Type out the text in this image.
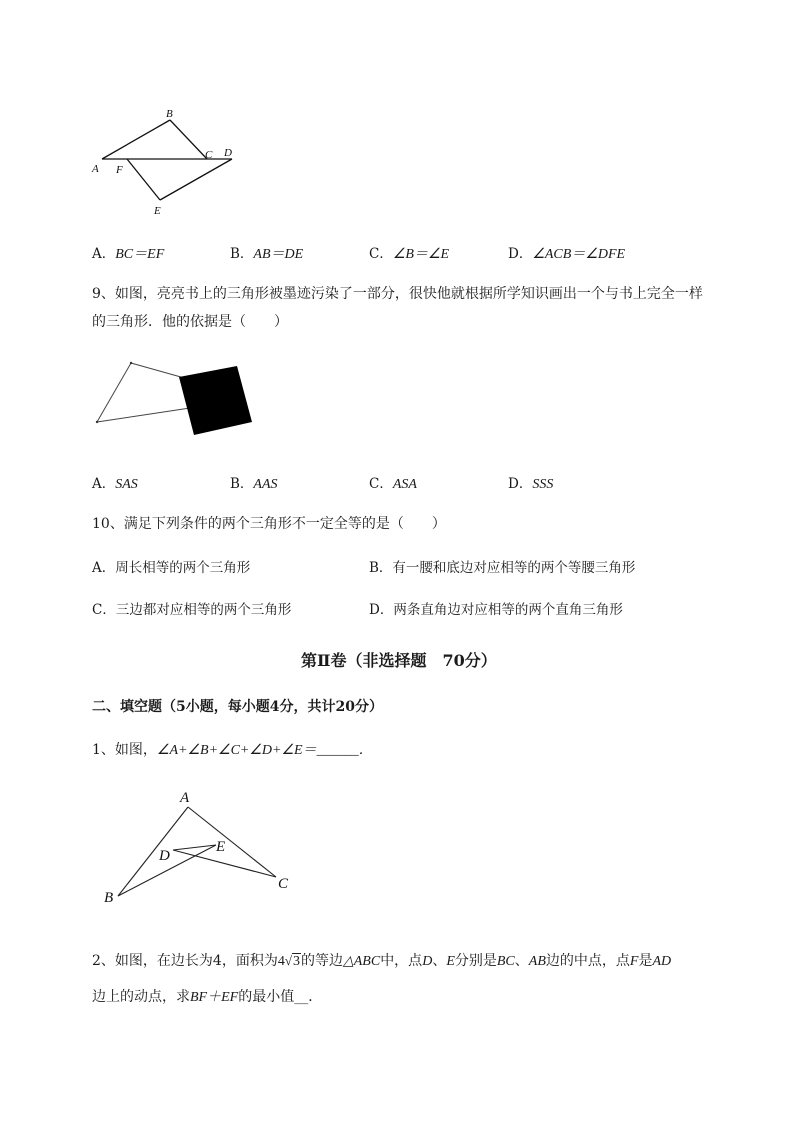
A
B
C D
E
F
A．BC＝EF	B．AB＝DE	C．∠B＝∠E	D．∠ACB＝∠DFE
9、如图，亮亮书上的三角形被墨迹污染了一部分，很快他就根据所学知识画出一个与书上完全一样
的三角形．他的依据是（　　）
A．SAS	B．AAS	C．ASA	D．SSS
10、满足下列条件的两个三角形不一定全等的是（　　）
A．周长相等的两个三角形	B．有一腰和底边对应相等的两个等腰三角形
C．三边都对应相等的两个三角形	D．两条直角边对应相等的两个直角三角形
第Ⅱ卷（非选择题　70分）
二、填空题（5小题，每小题4分，共计20分）
1、如图，∠A+∠B+∠C+∠D+∠E＝______．
A
B
C
D
E
2、如图，在边长为4，面积为4√3的等边△ABC中，点D、E分别是BC、AB边的中点，点F是AD
边上的动点，求BF＋EF的最小值__．
